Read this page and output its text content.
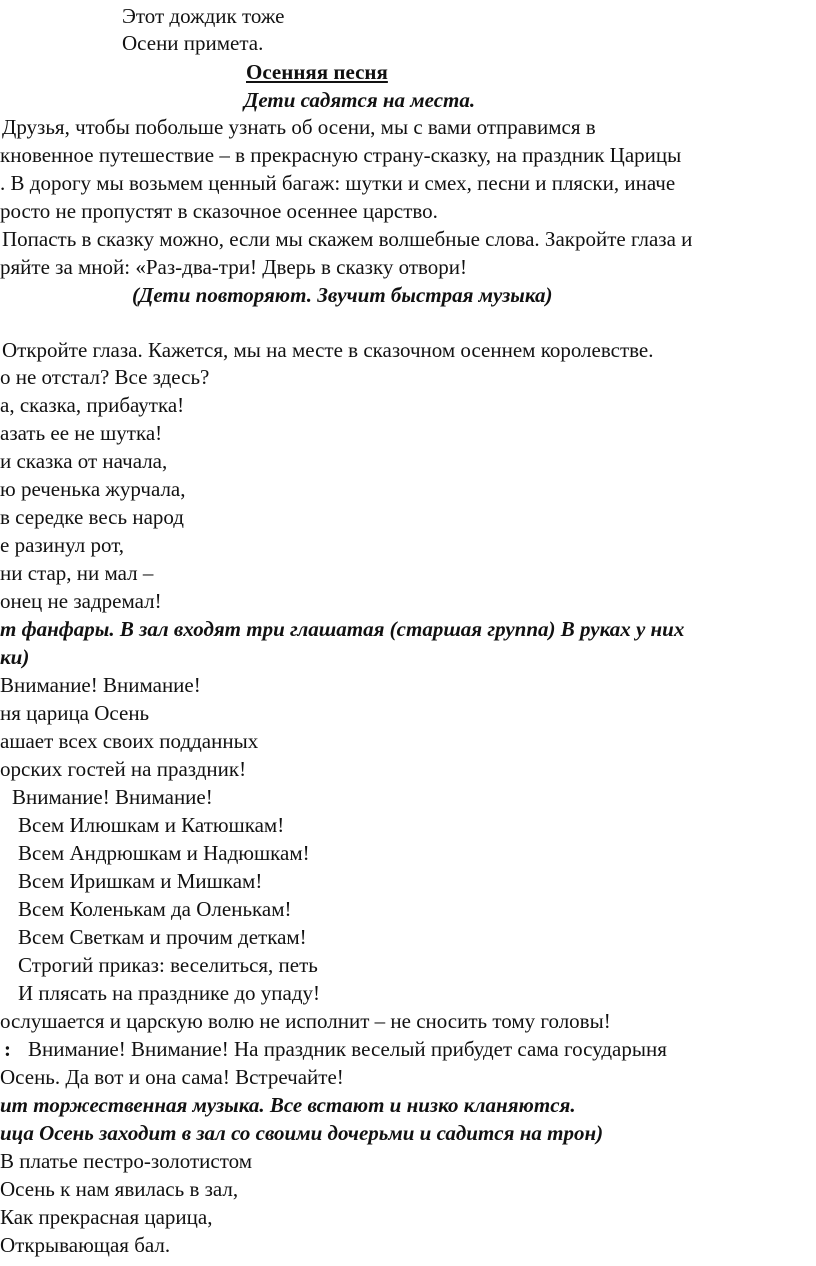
Этот дождик тоже
Осени примета.
Осенняя песня
Дети садятся на места.
Друзья, чтобы побольше узнать об осени, мы с вами отправимся в
кновенное путешествие – в прекрасную страну-сказку, на праздник Царицы
. В дорогу мы возьмем ценный багаж: шутки и смех, песни и пляски, иначе
росто не пропустят в сказочное осеннее царство.
Попасть в сказку можно, если мы скажем волшебные слова. Закройте глаза и
ряйте за мной: «Раз-два-три! Дверь в сказку отвори!
(Дети повторяют. Звучит быстрая музыка)
Откройте глаза. Кажется, мы на месте в сказочном осеннем королевстве.
о не отстал? Все здесь?
а, сказка, прибаутка!
азать ее не шутка!
и сказка от начала,
ю реченька журчала,
в середке весь народ
е разинул рот,
ни стар, ни мал –
онец не задремал!
т фанфары. В зал входят три глашатая (старшая группа) В руках у них
ки)
Внимание! Внимание!
ня царица Осень
ашает всех своих подданных
орских гостей на праздник!
Внимание! Внимание!
Всем Илюшкам и Катюшкам!
Всем Андрюшкам и Надюшкам!
Всем Иришкам и Мишкам!
Всем Коленькам да Оленькам!
Всем Светкам и прочим деткам!
Строгий приказ: веселиться, петь
И плясать на празднике до упаду!
ослушается и царскую волю не исполнит – не сносить тому головы!
: Внимание! Внимание! На праздник веселый прибудет сама государыня
Осень. Да вот и она сама! Встречайте!
ит торжественная музыка. Все встают и низко кланяются.
ица Осень заходит в зал со своими дочерьми и садится на трон)
В платье пестро-золотистом
Осень к нам явилась в зал,
Как прекрасная царица,
Открывающая бал.
